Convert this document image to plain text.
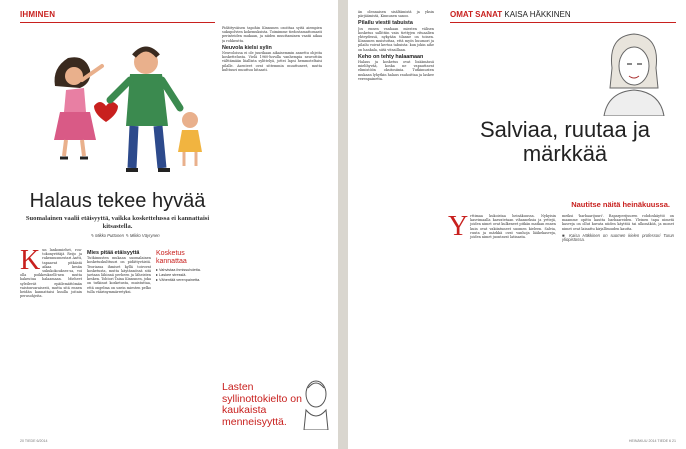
IHMINEN
Halaus tekee hyvää
Suomalainen vaalii etäisyyttä, vaikka koskettelussa ei kannattaisi kitsastella.
✎ Mikko Puttonen ✎ Mikko Väyrynen
K un lankomiehet, rou-tokonyrittäjä Reijo ja rakennusmestari Antti, tapaavat pitkästä aikaa kesän sukukokoukses-sa, voi olla poikkeukselli-nen mutta hakeutua halaamaan. Mieheet syleilevät epäilemättömän vaistonvaraisesti, mutta sitä ennen heidän kannattaisi kuulla joitain perusohjeita.
Mies pitää etäisyyttä
Tutkimusten mukaan suomalainen kosketuskulttuuri on pidättyväistä. Teoriassa ihmiset kyllä toivovat kosketusta, mutta käytännössä sitä jaetaan lähinnä perheen ja läheisten kesken. Tohtori Taina Kinnunen, joka on tutkinut kosketusta, muistuttaa, että ongelma on usein miesten pelko tulla väärinymmärretyksi.
Kosketus kannattaa
▸ Vahvistaa ihmissuhdetta.
▸ Laskee stressiä.
▸ Vähentää verenpainetta.
Pidättyväisen tapohin Kinnunen osoittaa syitä aiempien sukupolvien kokemuksista. Toimimme tiedostamattomasti perinteiden mukaan, ja niiden muuttaminen vaatii aikaa ja rohkeutta.
Neuvola kielsi sylin
Neuvoloissa ei ole juurikaan aikaisemmin annettu ohjeita koskettelusta. Vielä 1960-luvulla vanhempia neuvottiin välttämään liiallista sylittelyä, jottei lapsi hemmoteltaisi pilalle. Asenteet ovat sittemmin muuttuneet, mutta kulttuuri muuttuu hitaasti.
Lasten syllinottokielto on kaukaista menneisyyttä.
20 TIEDE 6/2014
än olennaisen sisältämistä ja yksin pärjäämistä, Kinnunen sanoo.
Pilailu viestii tabuista
Jos ennen vanhaan miesten välisen kosketus sallittiin vain tiettyjen rituaalien yhteydessä, nykyään tilanne on toinen. Kinnunen muistuttaa, että myös huumori ja pilailu voivat kertoa tabuista: kun jokin aihe on hankala, siitä vitsaillaan.
Keho on tehty halaamaan
Halaus ja kosketus ovat lisäämässä mielihyvää, koska ne vapauttavat elimistöön oksitosiinia. Tutkimusten mukaan lyhytkin halaus rauhoittaa ja laskee verenpainetta.
OMAT SANAT KAISA HÄKKINEN
Salviaa, ruutaa ja märkkää
Nautitse näitä heinäkuussa.
Y rttimaa kukoistaa heinäkuussa. Nykyisin kasvimaalla kasvatetaan vihanneksia ja yrttejä, joiden nimet ovat kulkeneet pitkän matkan ennen kuin ovat vakiintuneet suomen kieleen. Salvia, ruuta ja märkkä ovat vanhoja lääkekasveja, joiden nimet juontavat latinasta.
meiksi 'barbaarijuuri'. Raparperijuuren rohdoskäyttö on maamme opittu kautta barbaareiden. Yleinen tapa nimetä kasveja on ollut kuvata niiden käyttöä tai ulkonäköä, ja monet nimet ovat lainattu kirjallisuuden kautta.
■ Kaisa Häkkinen on suomen kielen professori Turun yliopistossa.
HEINÄKUU 2014 TIEDE 6 21
